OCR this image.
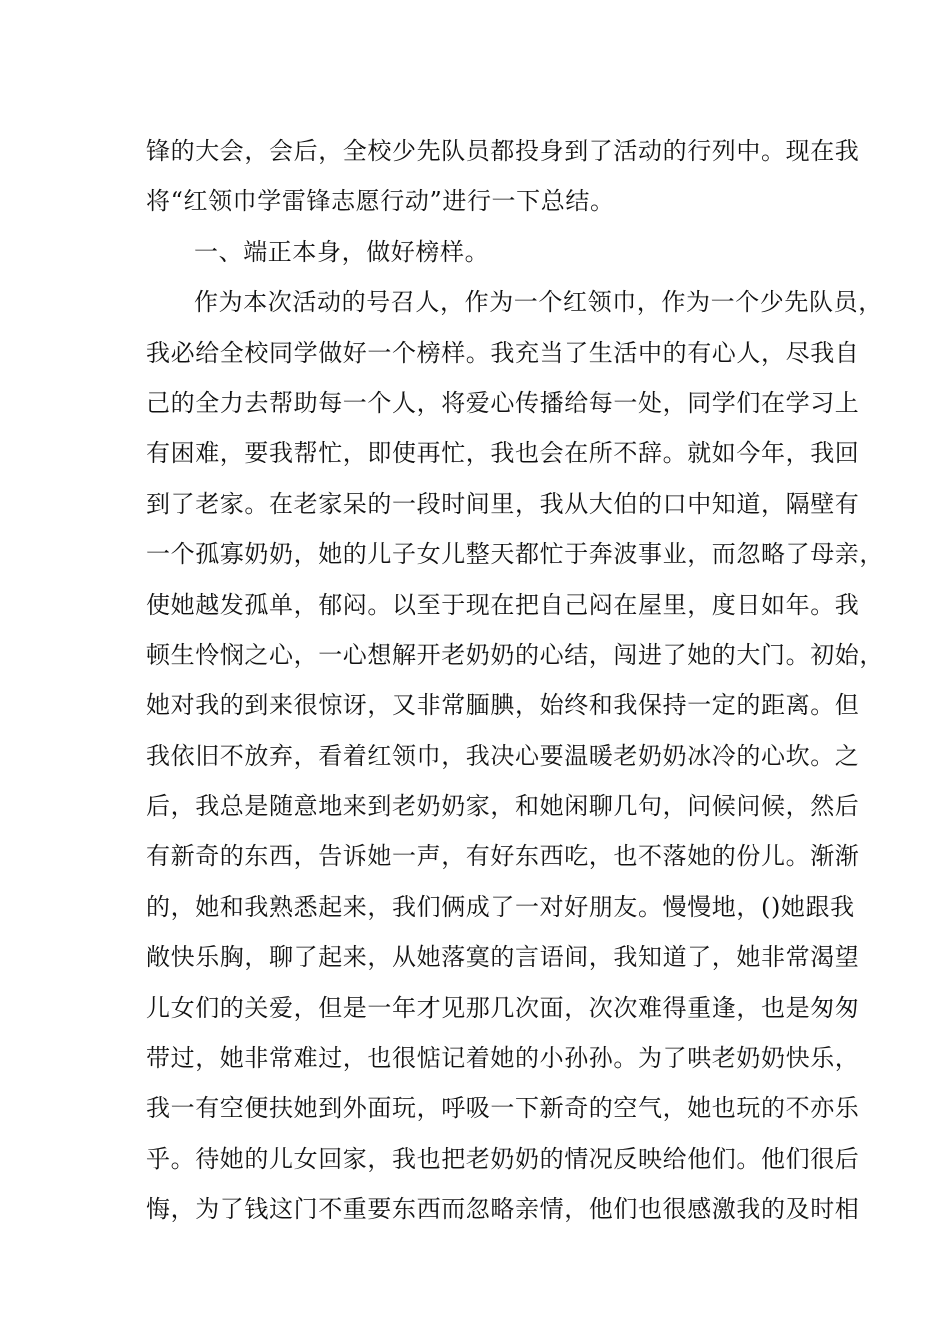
锋的大会，会后，全校少先队员都投身到了活动的行列中。现在我
将“红领巾学雷锋志愿行动”进行一下总结。
一、端正本身，做好榜样。
作为本次活动的号召人，作为一个红领巾，作为一个少先队员，
我必给全校同学做好一个榜样。我充当了生活中的有心人，尽我自
己的全力去帮助每一个人，将爱心传播给每一处，同学们在学习上
有困难，要我帮忙，即使再忙，我也会在所不辞。就如今年，我回
到了老家。在老家呆的一段时间里，我从大伯的口中知道，隔壁有
一个孤寡奶奶，她的儿子女儿整天都忙于奔波事业，而忽略了母亲，
使她越发孤单，郁闷。以至于现在把自己闷在屋里，度日如年。我
顿生怜悯之心，一心想解开老奶奶的心结，闯进了她的大门。初始，
她对我的到来很惊讶，又非常腼腆，始终和我保持一定的距离。但
我依旧不放弃，看着红领巾，我决心要温暖老奶奶冰冷的心坎。之
后，我总是随意地来到老奶奶家，和她闲聊几句，问候问候，然后
有新奇的东西，告诉她一声，有好东西吃，也不落她的份儿。渐渐
的，她和我熟悉起来，我们俩成了一对好朋友。慢慢地，()她跟我
敞快乐胸，聊了起来，从她落寞的言语间，我知道了，她非常渴望
儿女们的关爱，但是一年才见那几次面，次次难得重逢，也是匆匆
带过，她非常难过，也很惦记着她的小孙孙。为了哄老奶奶快乐，
我一有空便扶她到外面玩，呼吸一下新奇的空气，她也玩的不亦乐
乎。待她的儿女回家，我也把老奶奶的情况反映给他们。他们很后
悔，为了钱这门不重要东西而忽略亲情，他们也很感激我的及时相
